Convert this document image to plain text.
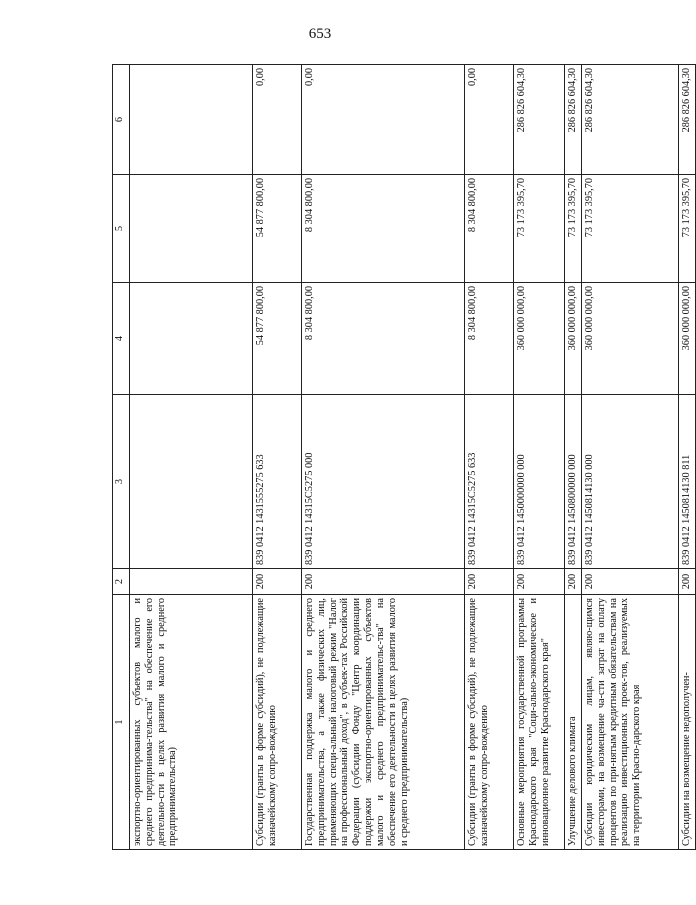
653
1	2	3	4	5	6
экспортно-ориентированных субъектов малого и среднего предпринима-тельства" на обеспечение его деятельно-сти в целях развития малого и среднего предпринимательства)					
Субсидии (гранты в форме субсидий), не подлежащие казначейскому сопро-вождению	200	839 0412 1431555275 633	54 877 800,00	54 877 800,00	0,00
Государственная поддержка малого и среднего предпринимательства, а также физических лиц, применяющих специ-альный налоговый режим "Налог на профессиональный доход", в субъек-тах Российской Федерации (субсидии Фонду "Центр координации поддержки экспортно-ориентированных субъектов малого и среднего предпринимательс-тва" на обеспечение его деятельности в целях развития малого и среднего предпринимательства)	200	839 0412 14315С5275 000	8 304 800,00	8 304 800,00	0,00
Субсидии (гранты в форме субсидий), не подлежащие казначейскому сопро-вождению	200	839 0412 14315С5275 633	8 304 800,00	8 304 800,00	0,00
Основные мероприятия государственной программы Краснодарского края "Соци-ально-экономическое и инновационное развитие Краснодарского края"	200	839 0412 1450000000 000	360 000 000,00	73 173 395,70	286 826 604,30
Улучшение делового климата	200	839 0412 1450800000 000	360 000 000,00	73 173 395,70	286 826 604,30
Субсидии юридическим лицам, являю-щимся инвесторами, на возмещение ча-сти затрат на оплату процентов по при-нятым кредитным обязательствам на реализацию инвестиционных проек-тов, реализуемых на территории Красно-дарского края	200	839 0412 1450814130 000	360 000 000,00	73 173 395,70	286 826 604,30
Субсидии на возмещение недополучен-	200	839 0412 1450814130 811	360 000 000,00	73 173 395,70	286 826 604,30
